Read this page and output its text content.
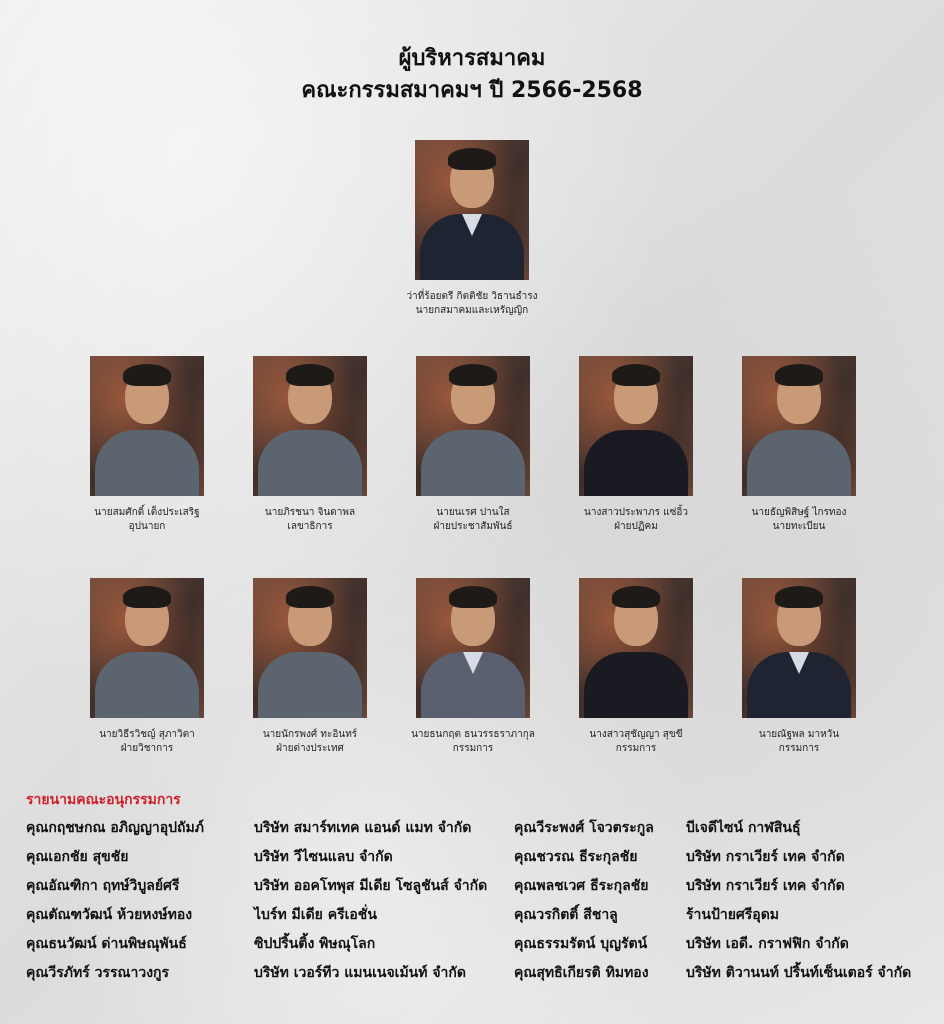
ผู้บริหารสมาคม
คณะกรรมสมาคมฯ ปี 2566-2568
ว่าที่ร้อยตรี กิตติชัย วิธานธำรง
นายกสมาคมและเหรัญญิก
นายสมศักดิ์ เต็งประเสริฐ
อุปนายก
นายภิรชนา จินดาพล
เลขาธิการ
นายนเรศ ปานใส
ฝ่ายประชาสัมพันธ์
นางสาวประพาภร แซ่อิ้ว
ฝ่ายปฏิคม
นายธัญพิสิษฐ์ ไกรทอง
นายทะเบียน
นายวิธีรวิชญ์ สุภาวิตา
ฝ่ายวิชาการ
นายนักรพงศ์ ทะอินทร์
ฝ่ายต่างประเทศ
นายธนกฤต ธนวรรธราภากุล
กรรมการ
นางสาวสุชัญญา สุขขี
กรรมการ
นายณัฐพล มาหวัน
กรรมการ
รายนามคณะอนุกรรมการ
คุณกฤชษกณ อภิญญาอุปถัมภ์
คุณเอกชัย สุขชัย
คุณอัณฑิกา ฤทษ์วิบูลย์ศรี
คุณตัณฑวัฒน์ ห้วยหงษ์ทอง
คุณธนวัฒน์ ด่านพิษณุพันธ์
คุณวีรภัทร์ วรรณาวงกูร
บริษัท สมาร์ทเทค แอนด์ แมท จำกัด
บริษัท วีไซนแลบ จำกัด
บริษัท ออคโทพุส มีเดีย โซลูชันส์ จำกัด
ไบร์ท มีเดีย ครีเอชั่น
ซิปปริ้นติ้ง พิษณุโลก
บริษัท เวอร์ทีว แมนเนจเม้นท์ จำกัด
คุณวีระพงศ์ โจวตระกูล
คุณชวรณ ธีระกุลชัย
คุณพลชเวศ ธีระกุลชัย
คุณวรกิตติ์ สีชาลู
คุณธรรมรัตน์ บุญรัตน์
คุณสุทธิเกียรติ ทิมทอง
บีเจดีไซน์ กาฬสินธุ์
บริษัท กราเวียร์ เทค จำกัด
บริษัท กราเวียร์ เทค จำกัด
ร้านป้ายศรีอุดม
บริษัท เอดี. กราฟฟิก จำกัด
บริษัท ติวานนท์ ปริ้นท์เซ็นเตอร์ จำกัด
